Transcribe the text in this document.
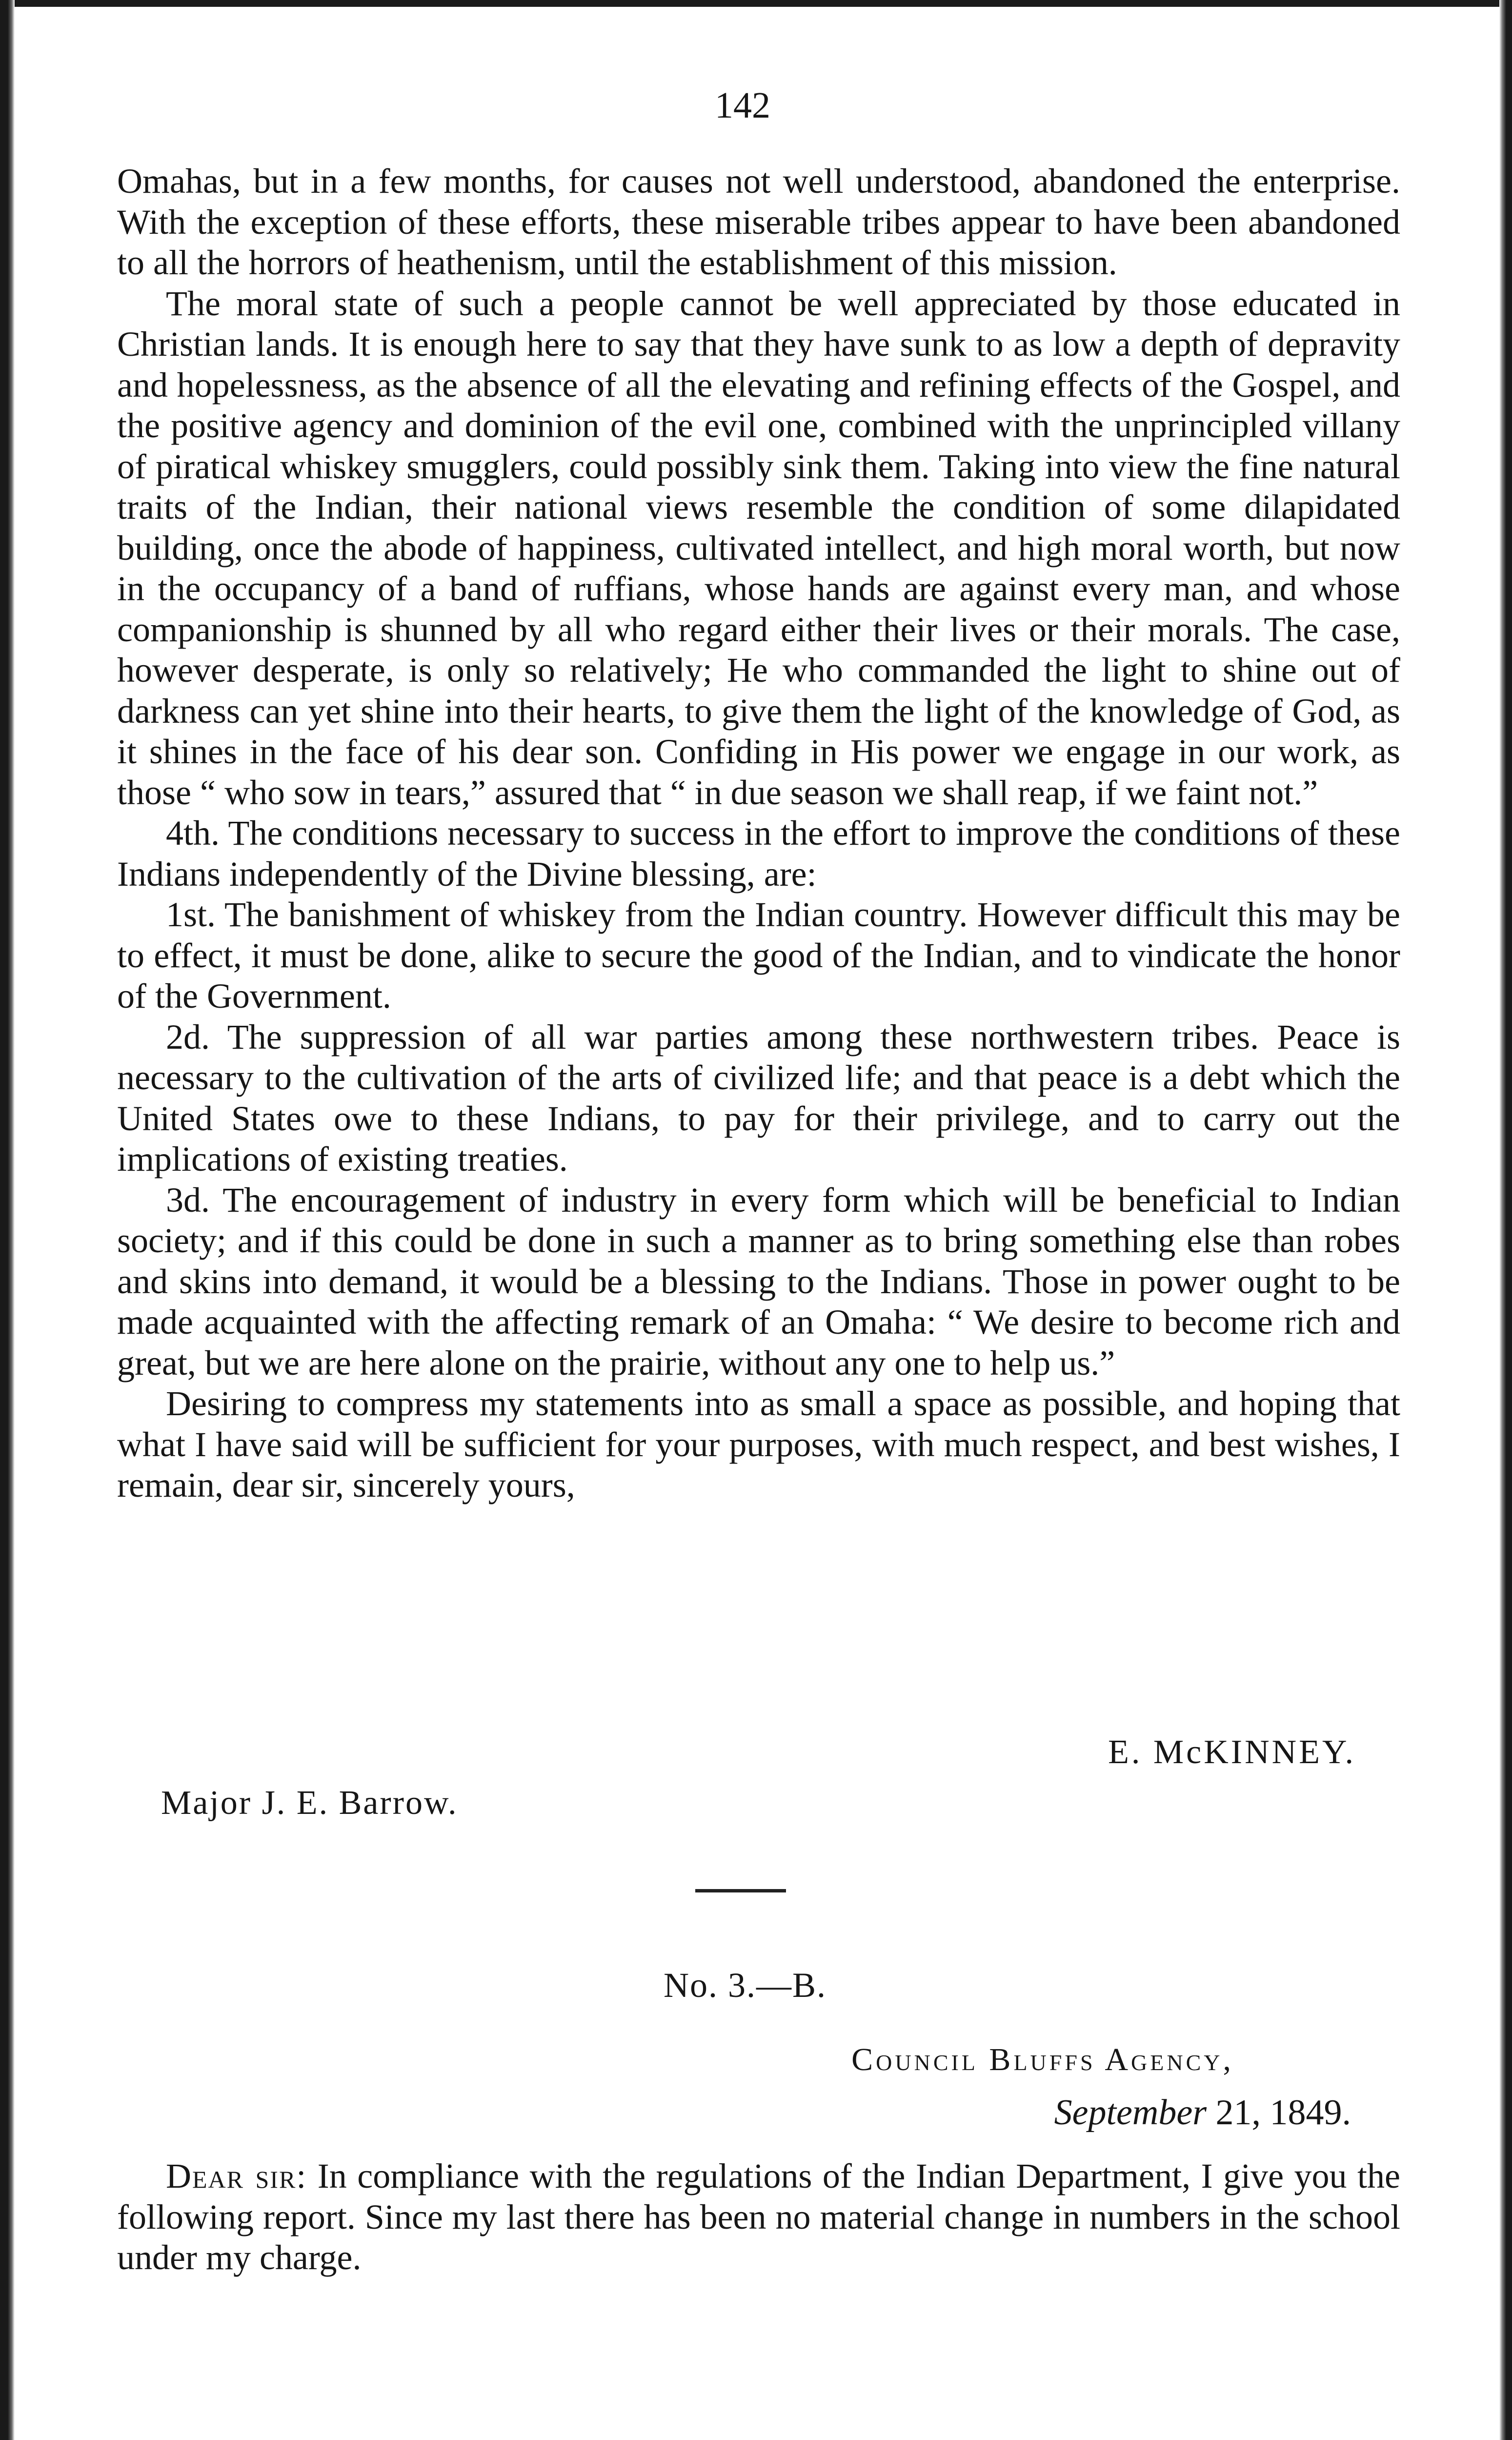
142

Omahas, but in a few months, for causes not well understood, abandoned the enterprise. With the exception of these efforts, these miserable tribes appear to have been abandoned to all the horrors of heathenism, until the establishment of this mission.

The moral state of such a people cannot be well appreciated by those educated in Christian lands. It is enough here to say that they have sunk to as low a depth of depravity and hopelessness, as the absence of all the elevating and refining effects of the Gospel, and the positive agency and dominion of the evil one, combined with the unprincipled villany of piratical whiskey smugglers, could possibly sink them. Taking into view the fine natural traits of the Indian, their national views resemble the condition of some dilapidated building, once the abode of happiness, cultivated intellect, and high moral worth, but now in the occupancy of a band of ruffians, whose hands are against every man, and whose companionship is shunned by all who regard either their lives or their morals. The case, however desperate, is only so relatively; He who commanded the light to shine out of darkness can yet shine into their hearts, to give them the light of the knowledge of God, as it shines in the face of his dear son. Confiding in His power we engage in our work, as those “ who sow in tears,” assured that “ in due season we shall reap, if we faint not.”

4th. The conditions necessary to success in the effort to improve the conditions of these Indians independently of the Divine blessing, are:

1st. The banishment of whiskey from the Indian country. However difficult this may be to effect, it must be done, alike to secure the good of the Indian, and to vindicate the honor of the Government.

2d. The suppression of all war parties among these northwestern tribes. Peace is necessary to the cultivation of the arts of civilized life; and that peace is a debt which the United States owe to these Indians, to pay for their privilege, and to carry out the implications of existing treaties.

3d. The encouragement of industry in every form which will be beneficial to Indian society; and if this could be done in such a manner as to bring something else than robes and skins into demand, it would be a blessing to the Indians. Those in power ought to be made acquainted with the affecting remark of an Omaha: “ We desire to become rich and great, but we are here alone on the prairie, without any one to help us.”

Desiring to compress my statements into as small a space as possible, and hoping that what I have said will be sufficient for your purposes, with much respect, and best wishes, I remain, dear sir, sincerely yours,

E. McKINNEY.
Major J. E. Barrow.
No. 3.—B.
Council Bluffs Agency,
September 21, 1849.

Dear sir: In compliance with the regulations of the Indian Department, I give you the following report. Since my last there has been no material change in numbers in the school under my charge.
